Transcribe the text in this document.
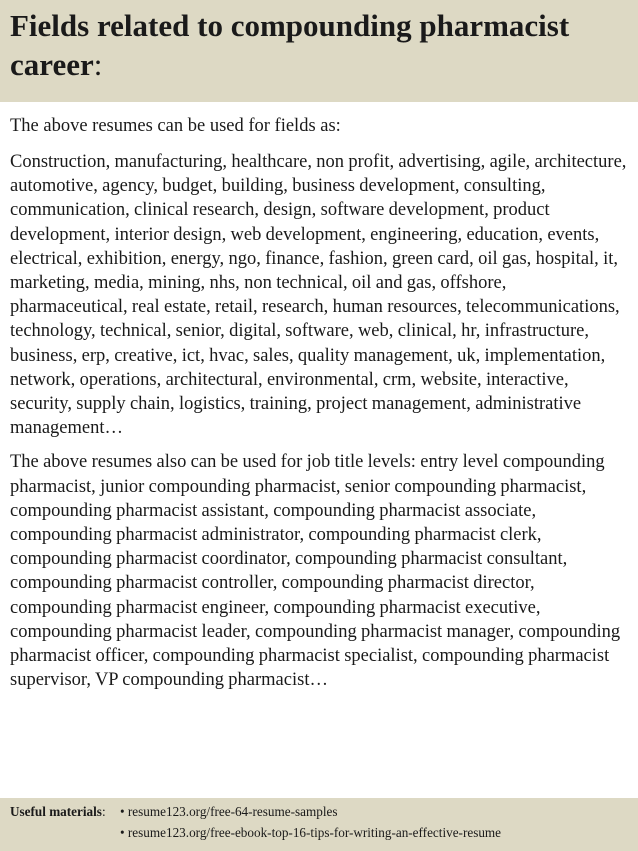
Fields related to compounding pharmacist career:

The above resumes can be used for fields as:

Construction, manufacturing, healthcare, non profit, advertising, agile, architecture, automotive, agency, budget, building, business development, consulting, communication, clinical research, design, software development, product development, interior design, web development, engineering, education, events, electrical, exhibition, energy, ngo, finance, fashion, green card, oil gas, hospital, it, marketing, media, mining, nhs, non technical, oil and gas, offshore, pharmaceutical, real estate, retail, research, human resources, telecommunications, technology, technical, senior, digital, software, web, clinical, hr, infrastructure, business, erp, creative, ict, hvac, sales, quality management, uk, implementation, network, operations, architectural, environmental, crm, website, interactive, security, supply chain, logistics, training, project management, administrative management…

The above resumes also can be used for job title levels: entry level compounding pharmacist, junior compounding pharmacist, senior compounding pharmacist, compounding pharmacist assistant, compounding pharmacist associate, compounding pharmacist administrator, compounding pharmacist clerk, compounding pharmacist coordinator, compounding pharmacist consultant, compounding pharmacist controller, compounding pharmacist director, compounding pharmacist engineer, compounding pharmacist executive, compounding pharmacist leader, compounding pharmacist manager, compounding pharmacist officer, compounding pharmacist specialist, compounding pharmacist supervisor, VP compounding pharmacist…

Useful materials:	• resume123.org/free-64-resume-samples
• resume123.org/free-ebook-top-16-tips-for-writing-an-effective-resume
